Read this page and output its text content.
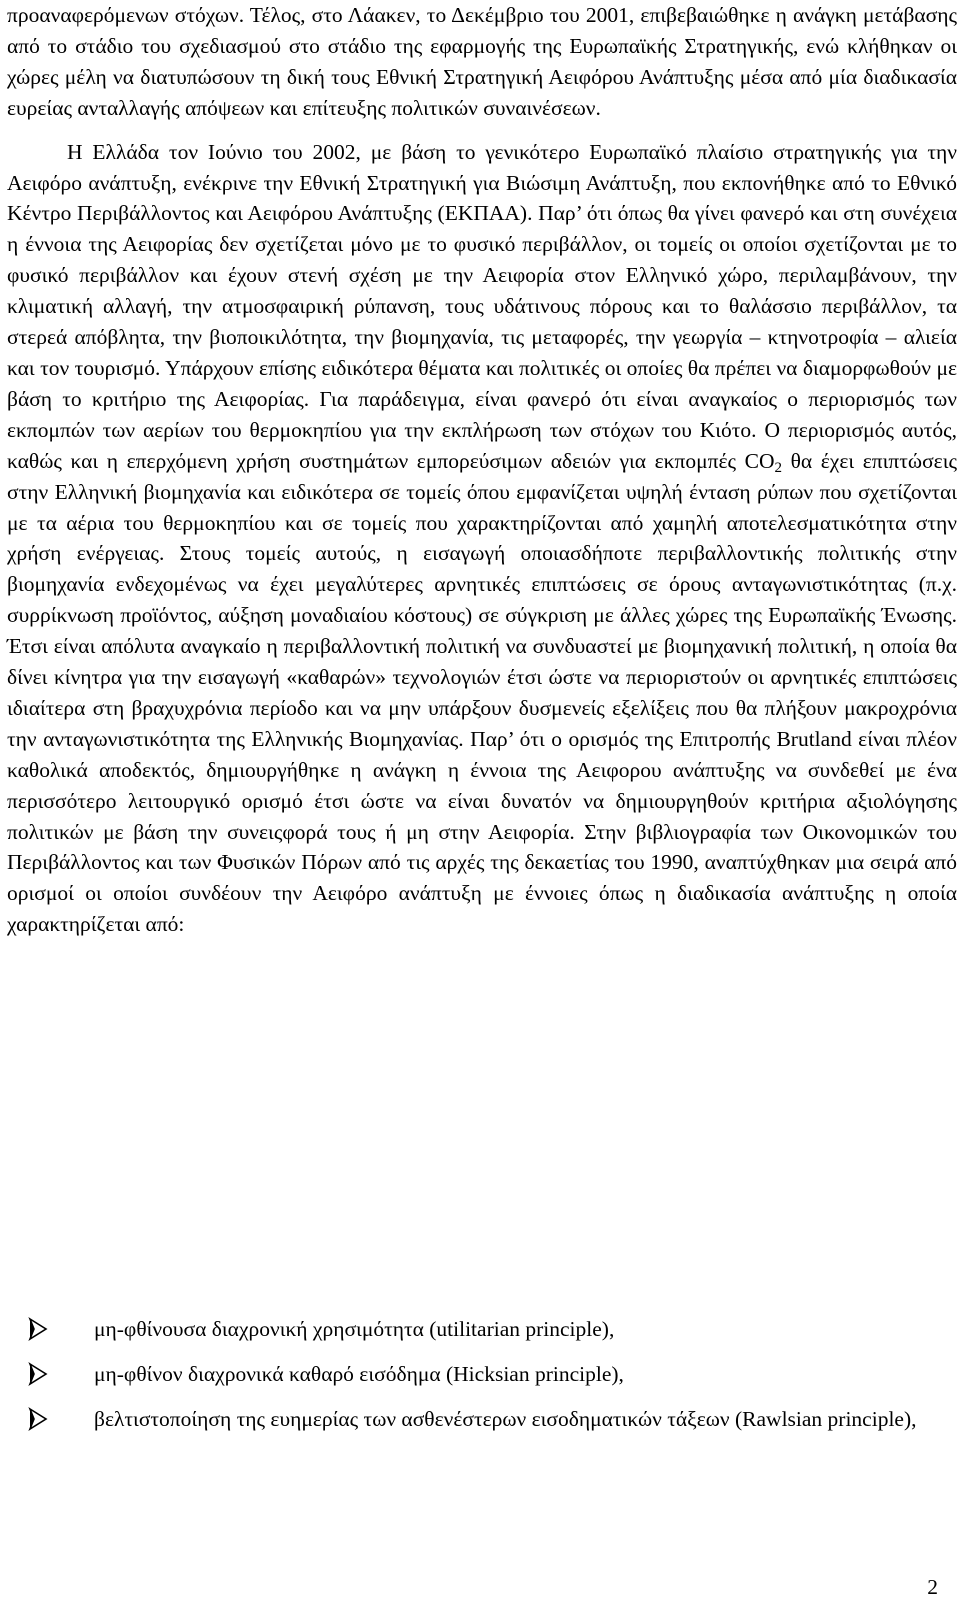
προαναφερόμενων στόχων. Τέλος, στο Λάακεν, το Δεκέμβριο του 2001, επιβεβαιώθηκε η ανάγκη μετάβασης από το στάδιο του σχεδιασμού στο στάδιο της εφαρμογής της Ευρωπαϊκής Στρατηγικής, ενώ κλήθηκαν οι χώρες μέλη να διατυπώσουν τη δική τους Εθνική Στρατηγική Αειφόρου Ανάπτυξης μέσα από μία διαδικασία ευρείας ανταλλαγής απόψεων και επίτευξης πολιτικών συναινέσεων.

Η Ελλάδα τον Ιούνιο του 2002, με βάση το γενικότερο Ευρωπαϊκό πλαίσιο στρατηγικής για την Αειφόρο ανάπτυξη, ενέκρινε την Εθνική Στρατηγική για Βιώσιμη Ανάπτυξη, που εκπονήθηκε από το Εθνικό Κέντρο Περιβάλλοντος και Αειφόρου Ανάπτυξης (ΕΚΠΑΑ). Παρ’ ότι όπως θα γίνει φανερό και στη συνέχεια η έννοια της Αειφορίας δεν σχετίζεται μόνο με το φυσικό περιβάλλον, οι τομείς οι οποίοι σχετίζονται με το φυσικό περιβάλλον και έχουν στενή σχέση με την Αειφορία στον Ελληνικό χώρο, περιλαμβάνουν, την κλιματική αλλαγή, την ατμοσφαιρική ρύπανση, τους υδάτινους πόρους και το θαλάσσιο περιβάλλον, τα στερεά απόβλητα, την βιοποικιλότητα, την βιομηχανία, τις μεταφορές, την γεωργία – κτηνοτροφία – αλιεία και τον τουρισμό. Υπάρχουν επίσης ειδικότερα θέματα και πολιτικές οι οποίες θα πρέπει να διαμορφωθούν με βάση το κριτήριο της Αειφορίας. Για παράδειγμα, είναι φανερό ότι είναι αναγκαίος ο περιορισμός των εκπομπών των αερίων του θερμοκηπίου για την εκπλήρωση των στόχων του Κιότο. Ο περιορισμός αυτός, καθώς και η επερχόμενη χρήση συστημάτων εμπορεύσιμων αδειών για εκπομπές $CO_2$ θα έχει επιπτώσεις στην Ελληνική βιομηχανία και ειδικότερα σε τομείς όπου εμφανίζεται υψηλή ένταση ρύπων που σχετίζονται με τα αέρια του θερμοκηπίου και σε τομείς που χαρακτηρίζονται από χαμηλή αποτελεσματικότητα στην χρήση ενέργειας. Στους τομείς αυτούς, η εισαγωγή οποιασδήποτε περιβαλλοντικής πολιτικής στην βιομηχανία ενδεχομένως να έχει μεγαλύτερες αρνητικές επιπτώσεις σε όρους ανταγωνιστικότητας (π.χ. συρρίκνωση προϊόντος, αύξηση μοναδιαίου κόστους) σε σύγκριση με άλλες χώρες της Ευρωπαϊκής Ένωσης. Έτσι είναι απόλυτα αναγκαίο η περιβαλλοντική πολιτική να συνδυαστεί με βιομηχανική πολιτική, η οποία θα δίνει κίνητρα για την εισαγωγή «καθαρών» τεχνολογιών έτσι ώστε να περιοριστούν οι αρνητικές επιπτώσεις ιδιαίτερα στη βραχυχρόνια περίοδο και να μην υπάρξουν δυσμενείς εξελίξεις που θα πλήξουν μακροχρόνια την ανταγωνιστικότητα της Ελληνικής Βιομηχανίας. Παρ’ ότι ο ορισμός της Επιτροπής Brutland είναι πλέον καθολικά αποδεκτός, δημιουργήθηκε η ανάγκη η έννοια της Αειφορου ανάπτυξης να συνδεθεί με ένα περισσότερο λειτουργικό ορισμό έτσι ώστε να είναι δυνατόν να δημιουργηθούν κριτήρια αξιολόγησης πολιτικών με βάση την συνειςφορά τους ή μη στην Αειφορία. Στην βιβλιογραφία των Οικονομικών του Περιβάλλοντος και των Φυσικών Πόρων από τις αρχές της δεκαετίας του 1990, αναπτύχθηκαν μια σειρά από ορισμοί οι οποίοι συνδέουν την Αειφόρο ανάπτυξη με έννοιες όπως η διαδικασία ανάπτυξης η οποία χαρακτηρίζεται από:

μη-φθίνουσα διαχρονική χρησιμότητα (utilitarian principle),
μη-φθίνον διαχρονικά καθαρό εισόδημα (Hicksian principle),
βελτιστοποίηση της ευημερίας των ασθενέστερων εισοδηματικών τάξεων (Rawlsian principle),
2
